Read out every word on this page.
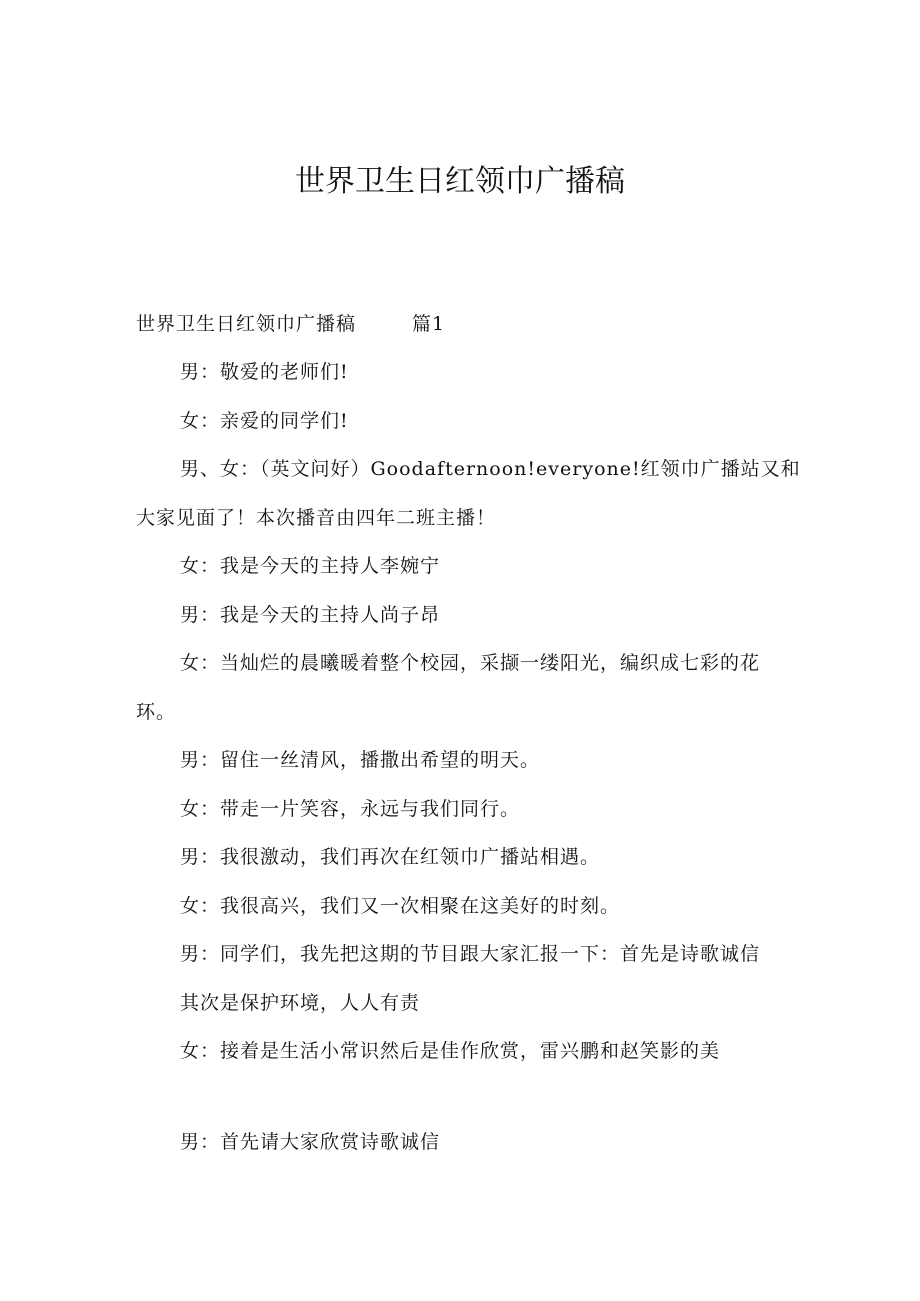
世界卫生日红领巾广播稿

世界卫生日红领巾广播稿	篇1

男：敬爱的老师们!

女：亲爱的同学们!

男、女：（英文问好）Goodafternoon!everyone!红领巾广播站又和

大家见面了！本次播音由四年二班主播！

女：我是今天的主持人李婉宁

男：我是今天的主持人尚子昂

女：当灿烂的晨曦暖着整个校园，采撷一缕阳光，编织成七彩的花

环。

男：留住一丝清风，播撒出希望的明天。

女：带走一片笑容，永远与我们同行。

男：我很激动，我们再次在红领巾广播站相遇。

女：我很高兴，我们又一次相聚在这美好的时刻。

男：同学们，我先把这期的节目跟大家汇报一下：首先是诗歌诚信

其次是保护环境，人人有责

女：接着是生活小常识然后是佳作欣赏，雷兴鹏和赵笑影的美

男：首先请大家欣赏诗歌诚信
